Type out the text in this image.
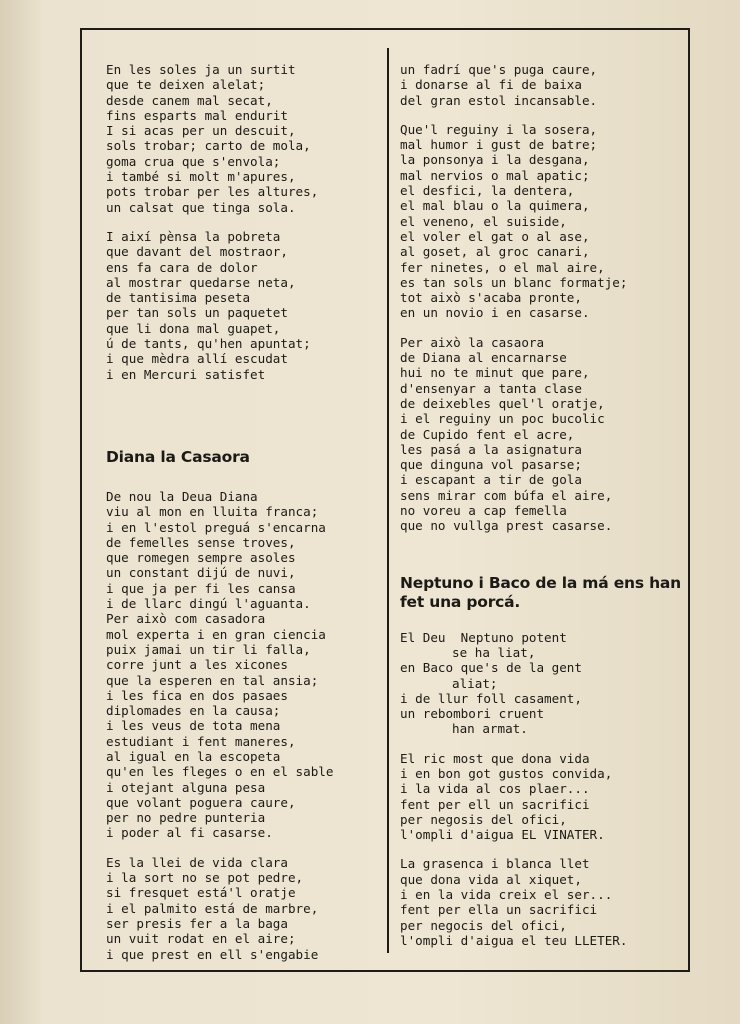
En les soles ja un surtit
que te deixen alelat;
desde canem mal secat,
fins esparts mal endurit
I si acas per un descuit,
sols trobar; carto de mola,
goma crua que s'envola;
i també si molt m'apures,
pots trobar per les altures,
un calsat que tinga sola.
I així pènsa la pobreta
que davant del mostraor,
ens fa cara de dolor
al mostrar quedarse neta,
de tantisima peseta
per tan sols un paquetet
que li dona mal guapet,
ú de tants, qu'hen apuntat;
i que mèdra allí escudat
i en Mercuri satisfet
Diana la Casaora
De nou la Deua Diana
viu al mon en lluita franca;
i en l'estol preguá s'encarna
de femelles sense troves,
que romegen sempre asoles
un constant dijú de nuvi,
i que ja per fi les cansa
i de llarc dingú l'aguanta.
Per això com casadora
mol experta i en gran ciencia
puix jamai un tir li falla,
corre junt a les xicones
que la esperen en tal ansia;
i les fica en dos pasaes
diplomades en la causa;
i les veus de tota mena
estudiant i fent maneres,
al igual en la escopeta
qu'en les fleges o en el sable
i otejant alguna pesa
que volant poguera caure,
per no pedre punteria
i poder al fi casarse.
Es la llei de vida clara
i la sort no se pot pedre,
si fresquet está'l oratje
i el palmito está de marbre,
ser presis fer a la baga
un vuit rodat en el aire;
i que prest en ell s'engabie
un fadrí que's puga caure,
i donarse al fi de baixa
del gran estol incansable.
Que'l reguiny i la sosera,
mal humor i gust de batre;
la ponsonya i la desgana,
mal nervios o mal apatic;
el desfici, la dentera,
el mal blau o la quimera,
el veneno, el suiside,
el voler el gat o al ase,
al goset, al groc canari,
fer ninetes, o el mal aire,
es tan sols un blanc formatje;
tot això s'acaba pronte,
en un novio i en casarse.
Per això la casaora
de Diana al encarnarse
hui no te minut que pare,
d'ensenyar a tanta clase
de deixebles quel'l oratje,
i el reguiny un poc bucolic
de Cupido fent el acre,
les pasá a la asignatura
que dinguna vol pasarse;
i escapant a tir de gola
sens mirar com búfa el aire,
no voreu a cap femella
que no vullga prest casarse.
Neptuno i Baco de la má ens han fet una porcá.
El Deu  Neptuno potent
se ha liat,
en Baco que's de la gent
aliat;
i de llur foll casament,
un rebombori cruent
han armat.
El ric most que dona vida
i en bon got gustos convida,
i la vida al cos plaer...
fent per ell un sacrifici
per negosis del ofici,
l'ompli d'aigua EL VINATER.
La grasenca i blanca llet
que dona vida al xiquet,
i en la vida creix el ser...
fent per ella un sacrifici
per negocis del ofici,
l'ompli d'aigua el teu LLETER.
